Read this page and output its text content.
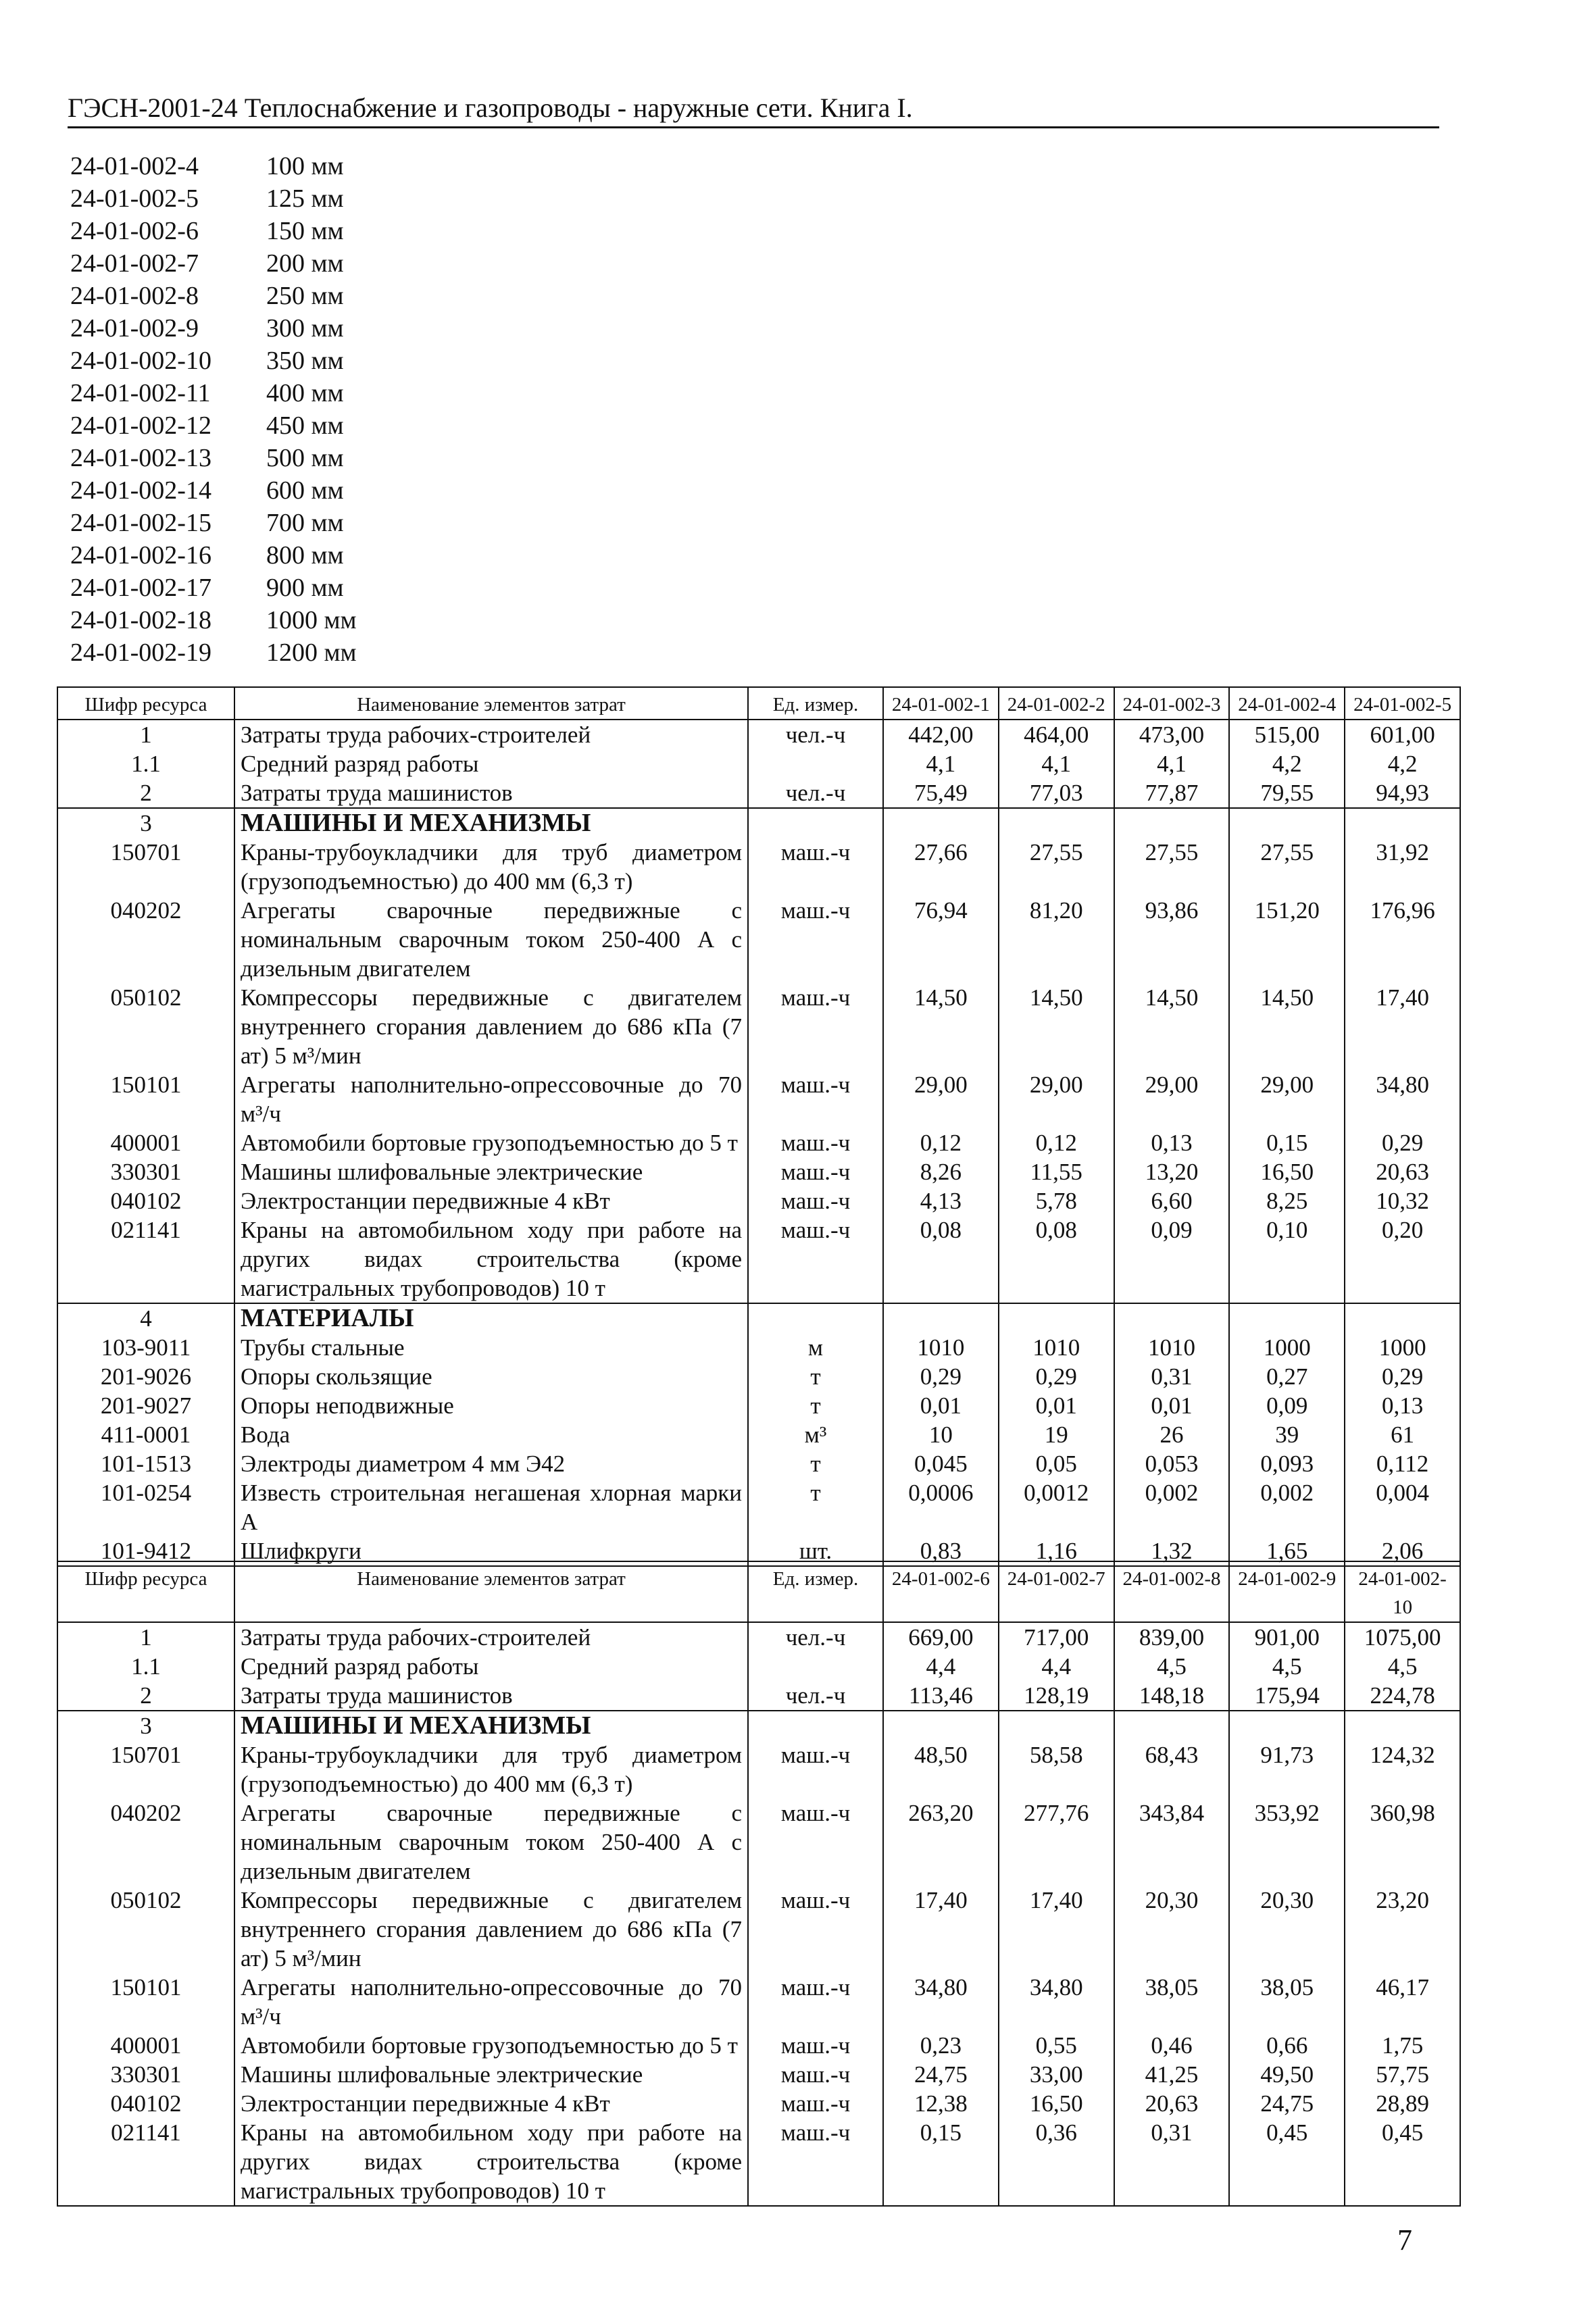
ГЭСН-2001-24 Теплоснабжение и газопроводы - наружные сети. Книга I.
24-01-002-4	100 мм
24-01-002-5	125 мм
24-01-002-6	150 мм
24-01-002-7	200 мм
24-01-002-8	250 мм
24-01-002-9	300 мм
24-01-002-10	350 мм
24-01-002-11	400 мм
24-01-002-12	450 мм
24-01-002-13	500 мм
24-01-002-14	600 мм
24-01-002-15	700 мм
24-01-002-16	800 мм
24-01-002-17	900 мм
24-01-002-18	1000 мм
24-01-002-19	1200 мм
Шифр ресурса	Наименование элементов затрат	Ед. измер.	24-01-002-1	24-01-002-2	24-01-002-3	24-01-002-4	24-01-002-5
1	Затраты труда рабочих-строителей	чел.-ч	442,00	464,00	473,00	515,00	601,00
1.1	Средний разряд работы		4,1	4,1	4,1	4,2	4,2
2	Затраты труда машинистов	чел.-ч	75,49	77,03	77,87	79,55	94,93
3	МАШИНЫ И МЕХАНИЗМЫ						
150701	Краны-трубоукладчики для труб диаметром (грузоподъемностью) до 400 мм (6,3 т)	маш.-ч	27,66	27,55	27,55	27,55	31,92
040202	Агрегаты сварочные передвижные с номинальным сварочным током 250-400 А с дизельным двигателем	маш.-ч	76,94	81,20	93,86	151,20	176,96
050102	Компрессоры передвижные с двигателем внутреннего сгорания давлением до 686 кПа (7 ат) 5 м³/мин	маш.-ч	14,50	14,50	14,50	14,50	17,40
150101	Агрегаты наполнительно-опрессовочные до 70 м³/ч	маш.-ч	29,00	29,00	29,00	29,00	34,80
400001	Автомобили бортовые грузоподъемностью до 5 т	маш.-ч	0,12	0,12	0,13	0,15	0,29
330301	Машины шлифовальные электрические	маш.-ч	8,26	11,55	13,20	16,50	20,63
040102	Электростанции передвижные 4 кВт	маш.-ч	4,13	5,78	6,60	8,25	10,32
021141	Краны на автомобильном ходу при работе на других видах строительства (кроме магистральных трубопроводов) 10 т	маш.-ч	0,08	0,08	0,09	0,10	0,20
4	МАТЕРИАЛЫ						
103-9011	Трубы стальные	м	1010	1010	1010	1000	1000
201-9026	Опоры скользящие	т	0,29	0,29	0,31	0,27	0,29
201-9027	Опоры неподвижные	т	0,01	0,01	0,01	0,09	0,13
411-0001	Вода	м³	10	19	26	39	61
101-1513	Электроды диаметром 4 мм Э42	т	0,045	0,05	0,053	0,093	0,112
101-0254	Известь строительная негашеная хлорная марки А	т	0,0006	0,0012	0,002	0,002	0,004
101-9412	Шлифкруги	шт.	0,83	1,16	1,32	1,65	2,06
Шифр ресурса	Наименование элементов затрат	Ед. измер.	24-01-002-6	24-01-002-7	24-01-002-8	24-01-002-9	24-01-002-10
1	Затраты труда рабочих-строителей	чел.-ч	669,00	717,00	839,00	901,00	1075,00
1.1	Средний разряд работы		4,4	4,4	4,5	4,5	4,5
2	Затраты труда машинистов	чел.-ч	113,46	128,19	148,18	175,94	224,78
3	МАШИНЫ И МЕХАНИЗМЫ						
150701	Краны-трубоукладчики для труб диаметром (грузоподъемностью) до 400 мм (6,3 т)	маш.-ч	48,50	58,58	68,43	91,73	124,32
040202	Агрегаты сварочные передвижные с номинальным сварочным током 250-400 А с дизельным двигателем	маш.-ч	263,20	277,76	343,84	353,92	360,98
050102	Компрессоры передвижные с двигателем внутреннего сгорания давлением до 686 кПа (7 ат) 5 м³/мин	маш.-ч	17,40	17,40	20,30	20,30	23,20
150101	Агрегаты наполнительно-опрессовочные до 70 м³/ч	маш.-ч	34,80	34,80	38,05	38,05	46,17
400001	Автомобили бортовые грузоподъемностью до 5 т	маш.-ч	0,23	0,55	0,46	0,66	1,75
330301	Машины шлифовальные электрические	маш.-ч	24,75	33,00	41,25	49,50	57,75
040102	Электростанции передвижные 4 кВт	маш.-ч	12,38	16,50	20,63	24,75	28,89
021141	Краны на автомобильном ходу при работе на других видах строительства (кроме магистральных трубопроводов) 10 т	маш.-ч	0,15	0,36	0,31	0,45	0,45
7
